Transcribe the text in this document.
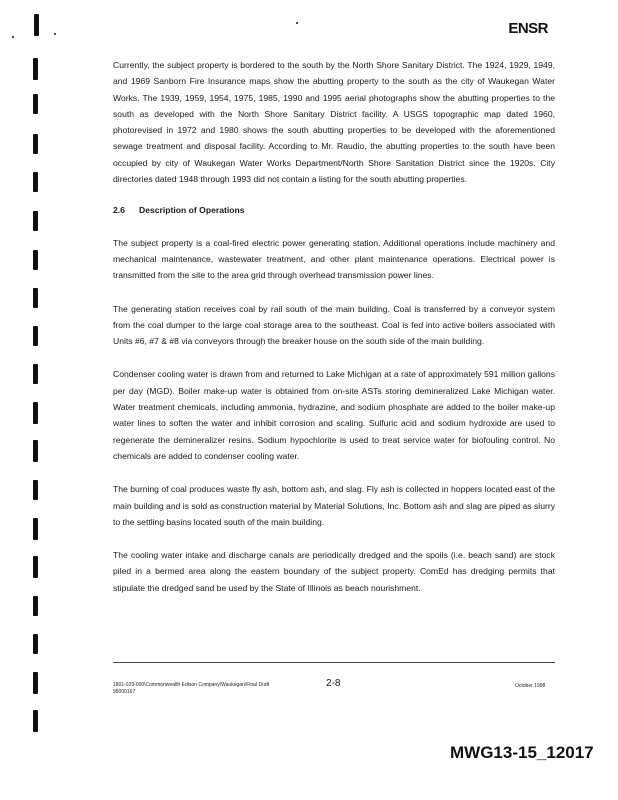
ENSR

Currently, the subject property is bordered to the south by the North Shore Sanitary District. The 1924, 1929, 1949, and 1969 Sanborn Fire Insurance maps show the abutting property to the south as the city of Waukegan Water Works. The 1939, 1959, 1954, 1975, 1985, 1990 and 1995 aerial photographs show the abutting properties to the south as developed with the North Shore Sanitary District facility. A USGS topographic map dated 1960, photorevised in 1972 and 1980 shows the south abutting properties to be developed with the aforementioned sewage treatment and disposal facility. According to Mr. Raudio, the abutting properties to the south have been occupied by city of Waukegan Water Works Department/North Shore Sanitation District since the 1920s. City directories dated 1948 through 1993 did not contain a listing for the south abutting properties.

2.6 Description of Operations

The subject property is a coal-fired electric power generating station. Additional operations include machinery and mechanical maintenance, wastewater treatment, and other plant maintenance operations. Electrical power is transmitted from the site to the area grid through overhead transmission power lines.

The generating station receives coal by rail south of the main building. Coal is transferred by a conveyor system from the coal dumper to the large coal storage area to the southeast. Coal is fed into active boilers associated with Units #6, #7 & #8 via conveyors through the breaker house on the south side of the main building.

Condenser cooling water is drawn from and returned to Lake Michigan at a rate of approximately 591 million gallons per day (MGD). Boiler make-up water is obtained from on-site ASTs storing demineralized Lake Michigan water. Water treatment chemicals, including ammonia, hydrazine, and sodium phosphate are added to the boiler make-up water lines to soften the water and inhibit corrosion and scaling. Sulfuric acid and sodium hydroxide are used to regenerate the demineralizer resins. Sodium hypochlorite is used to treat service water for biofouling control. No chemicals are added to condenser cooling water.

The burning of coal produces waste fly ash, bottom ash, and slag. Fly ash is collected in hoppers located east of the main building and is sold as construction material by Material Solutions, Inc. Bottom ash and slag are piped as slurry to the settling basins located south of the main building.

The cooling water intake and discharge canals are periodically dredged and the spoils (i.e. beach sand) are stock piled in a bermed area along the eastern boundary of the subject property. ComEd has dredging permits that stipulate the dredged sand be used by the State of Illinois as beach nourishment.

1801-029-000\Commonwealth Edison Company\Waukegan\Final Draft
95000167
2-8	October 1998
MWG13-15_12017
